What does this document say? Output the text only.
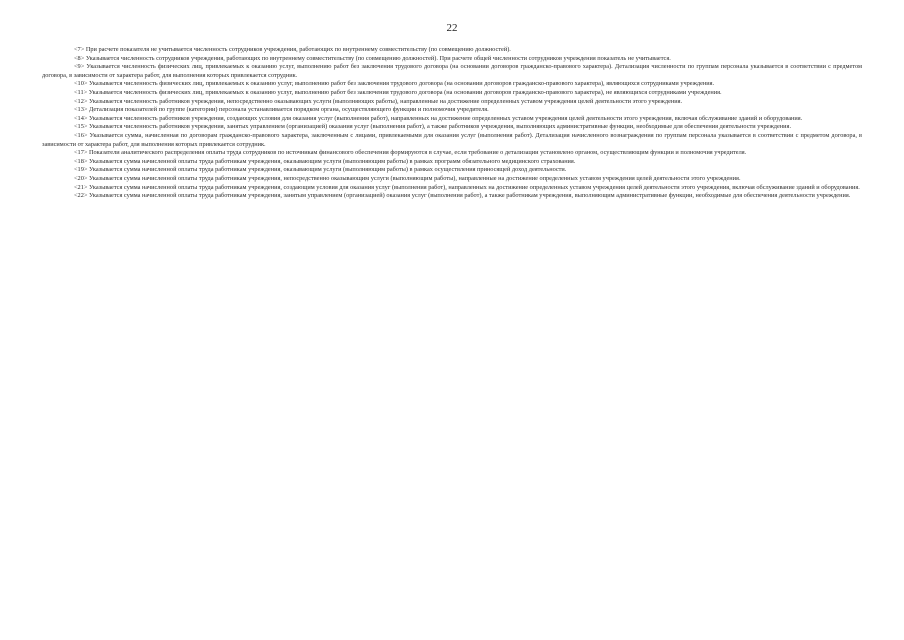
22

<7> При расчете показателя не учитывается численность сотрудников учреждения, работающих по внутреннему совместительству (по совмещению должностей).

<8> Указывается численность сотрудников учреждения, работающих по внутреннему совместительству (по совмещению должностей). При расчете общей численности сотрудников учреждения показатель не учитывается.

<9> Указывается численность физических лиц, привлекаемых к оказанию услуг, выполнению работ без заключения трудового договора (на основании договоров гражданско-правового характера). Детализация численности по группам персонала указывается в соответствии с предметом договора, в зависимости от характера работ, для выполнения которых привлекается сотрудник.

<10> Указывается численность физических лиц, привлекаемых к оказанию услуг, выполнению работ без заключения трудового договора (на основании договоров гражданско-правового характера), являющихся сотрудниками учреждения.

<11> Указывается численность физических лиц, привлекаемых к оказанию услуг, выполнению работ без заключения трудового договора (на основании договоров гражданско-правового характера), не являющихся сотрудниками учреждения.

<12> Указывается численность работников учреждения, непосредственно оказывающих услуги (выполняющих работы), направленные на достижение определенных уставом учреждения целей деятельности этого учреждения.

<13> Детализация показателей по группе (категории) персонала устанавливается порядком органа, осуществляющего функции и полномочия учредителя.

<14> Указывается численность работников учреждения, создающих условия для оказания услуг (выполнения работ), направленных на достижение определенных уставом учреждения целей деятельности этого учреждения, включая обслуживание зданий и оборудования.

<15> Указывается численность работников учреждения, занятых управлением (организацией) оказания услуг (выполнения работ), а также работников учреждения, выполняющих административные функции, необходимые для обеспечения деятельности учреждения.

<16> Указывается сумма, начисленная по договорам гражданско-правового характера, заключенным с лицами, привлекаемыми для оказания услуг (выполнения работ). Детализация начисленного вознаграждения по группам персонала указывается в соответствии с предметом договора, в зависимости от характера работ, для выполнения которых привлекается сотрудник.

<17> Показатели аналитического распределения оплаты труда сотрудников по источникам финансового обеспечения формируются в случае, если требование о детализации установлено органом, осуществляющим функции и полномочия учредителя.

<18> Указывается сумма начисленной оплаты труда работникам учреждения, оказывающим услуги (выполняющим работы) в рамках программ обязательного медицинского страхования.

<19> Указывается сумма начисленной оплаты труда работникам учреждения, оказывающим услуги (выполняющим работы) в рамках осуществления приносящей доход деятельности.

<20> Указывается сумма начисленной оплаты труда работникам учреждения, непосредственно оказывающим услуги (выполняющим работы), направленные на достижение определенных уставом учреждения целей деятельности этого учреждения.

<21> Указывается сумма начисленной оплаты труда работникам учреждения, создающим условия для оказания услуг (выполнения работ), направленных на достижение определенных уставом учреждения целей деятельности этого учреждения, включая обслуживание зданий и оборудования.

<22> Указывается сумма начисленной оплаты труда работникам учреждения, занятым управлением (организацией) оказания услуг (выполнения работ), а также работникам учреждения, выполняющим административные функции, необходимые для обеспечения деятельности учреждения.
